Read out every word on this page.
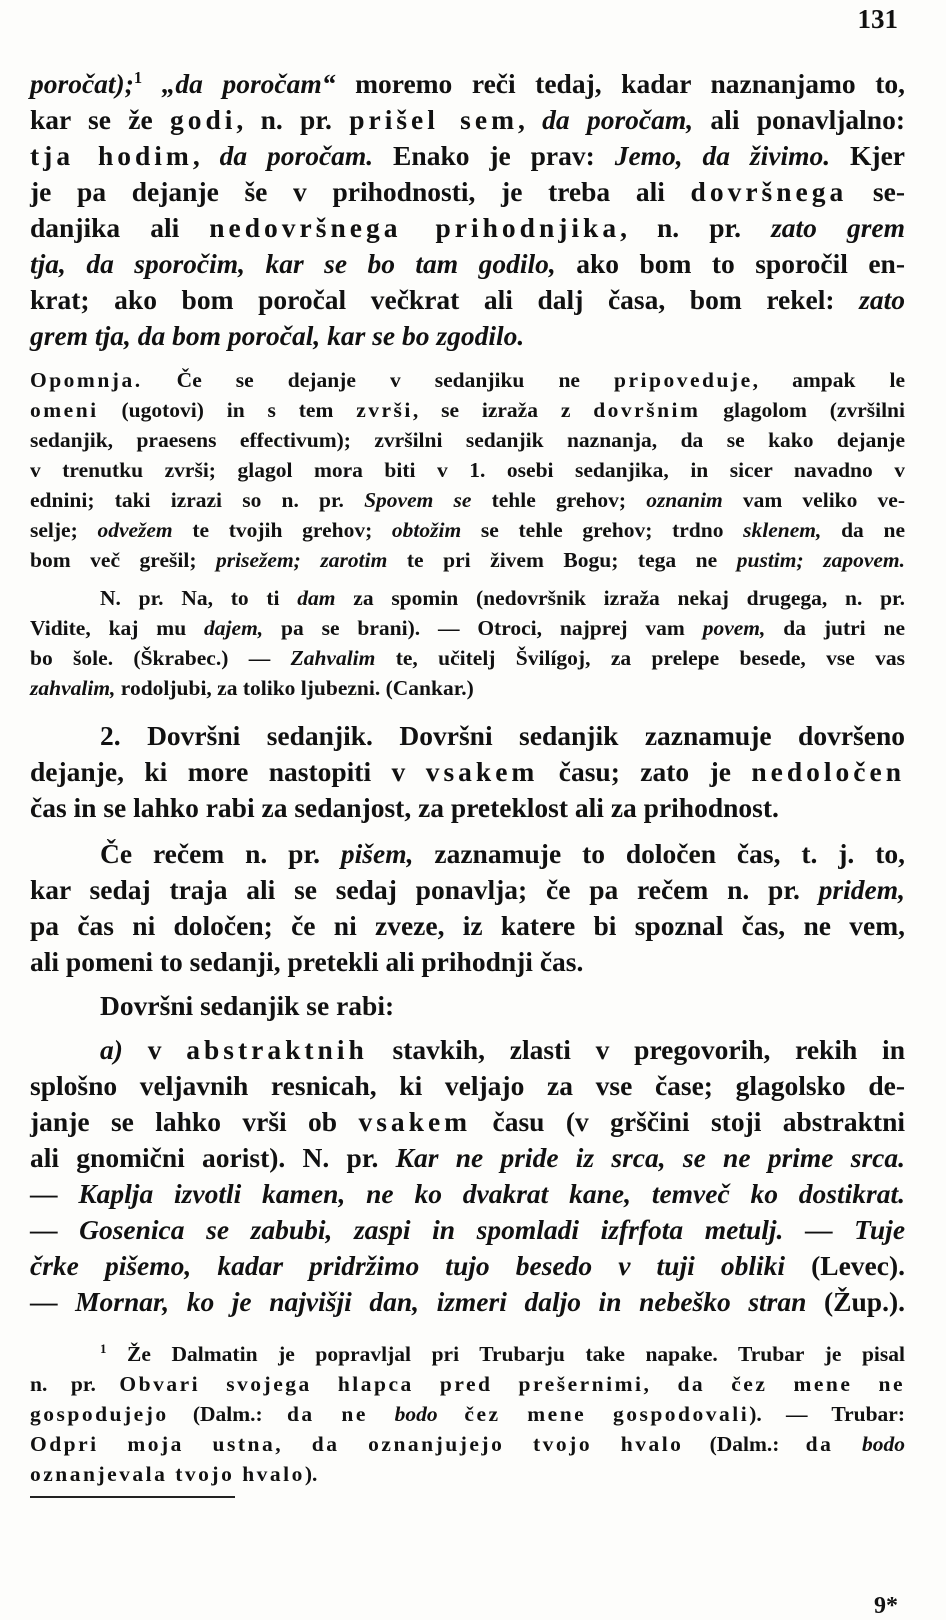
131
poročat);$^1$ „da poročam“ moremo reči tedaj, kadar naznanjamo to,
kar se že godi, n. pr. prišel sem, da poročam, ali ponavljalno:
tja hodim, da poročam. Enako je prav: Jemo, da živimo. Kjer
je pa dejanje še v prihodnosti, je treba ali dovršnega se-
danjika ali nedovršnega prihodnjika, n. pr. zato grem
tja, da sporočim, kar se bo tam godilo, ako bom to sporočil en-
krat; ako bom poročal večkrat ali dalj časa, bom rekel: zato
grem tja, da bom poročal, kar se bo zgodilo.
Opomnja. Če se dejanje v sedanjiku ne pripoveduje, ampak le
omeni (ugotovi) in s tem zvrši, se izraža z dovršnim glagolom (zvršilni
sedanjik, praesens effectivum); zvršilni sedanjik naznanja, da se kako dejanje
v trenutku zvrši; glagol mora biti v 1. osebi sedanjika, in sicer navadno v
ednini; taki izrazi so n. pr. Spovem se tehle grehov; oznanim vam veliko ve-
selje; odvežem te tvojih grehov; obtožim se tehle grehov; trdno sklenem, da ne
bom več grešil; prisežem; zarotim te pri živem Bogu; tega ne pustim; zapovem.
N. pr. Na, to ti dam za spomin (nedovršnik izraža nekaj drugega, n. pr.
Vidite, kaj mu dajem, pa se brani). — Otroci, najprej vam povem, da jutri ne
bo šole. (Škrabec.) — Zahvalim te, učitelj Švilígoj, za prelepe besede, vse vas
zahvalim, rodoljubi, za toliko ljubezni. (Cankar.)
2. Dovršni sedanjik. Dovršni sedanjik zaznamuje dovršeno
dejanje, ki more nastopiti v vsakem času; zato je nedoločen
čas in se lahko rabi za sedanjost, za preteklost ali za prihodnost.
Če rečem n. pr. pišem, zaznamuje to določen čas, t. j. to,
kar sedaj traja ali se sedaj ponavlja; če pa rečem n. pr. pridem,
pa čas ni določen; če ni zveze, iz katere bi spoznal čas, ne vem,
ali pomeni to sedanji, pretekli ali prihodnji čas.
Dovršni sedanjik se rabi:
a) v abstraktnih stavkih, zlasti v pregovorih, rekih in
splošno veljavnih resnicah, ki veljajo za vse čase; glagolsko de-
janje se lahko vrši ob vsakem času (v grščini stoji abstraktni
ali gnomični aorist). N. pr. Kar ne pride iz srca, se ne prime srca.
— Kaplja izvotli kamen, ne ko dvakrat kane, temveč ko dostikrat.
— Gosenica se zabubi, zaspi in spomladi izfrfota metulj. — Tuje
črke pišemo, kadar pridržimo tujo besedo v tuji obliki (Levec).
— Mornar, ko je najvišji dan, izmeri daljo in nebeško stran (Žup.).
$^1$ Že Dalmatin je popravljal pri Trubarju take napake. Trubar je pisal
n. pr. Obvari svojega hlapca pred prešernimi, da čez mene ne
gospodujejo (Dalm.: da ne bodo čez mene gospodovali). — Trubar:
Odpri moja ustna, da oznanjujejo tvojo hvalo (Dalm.: da bodo
oznanjevala tvojo hvalo).
9*
